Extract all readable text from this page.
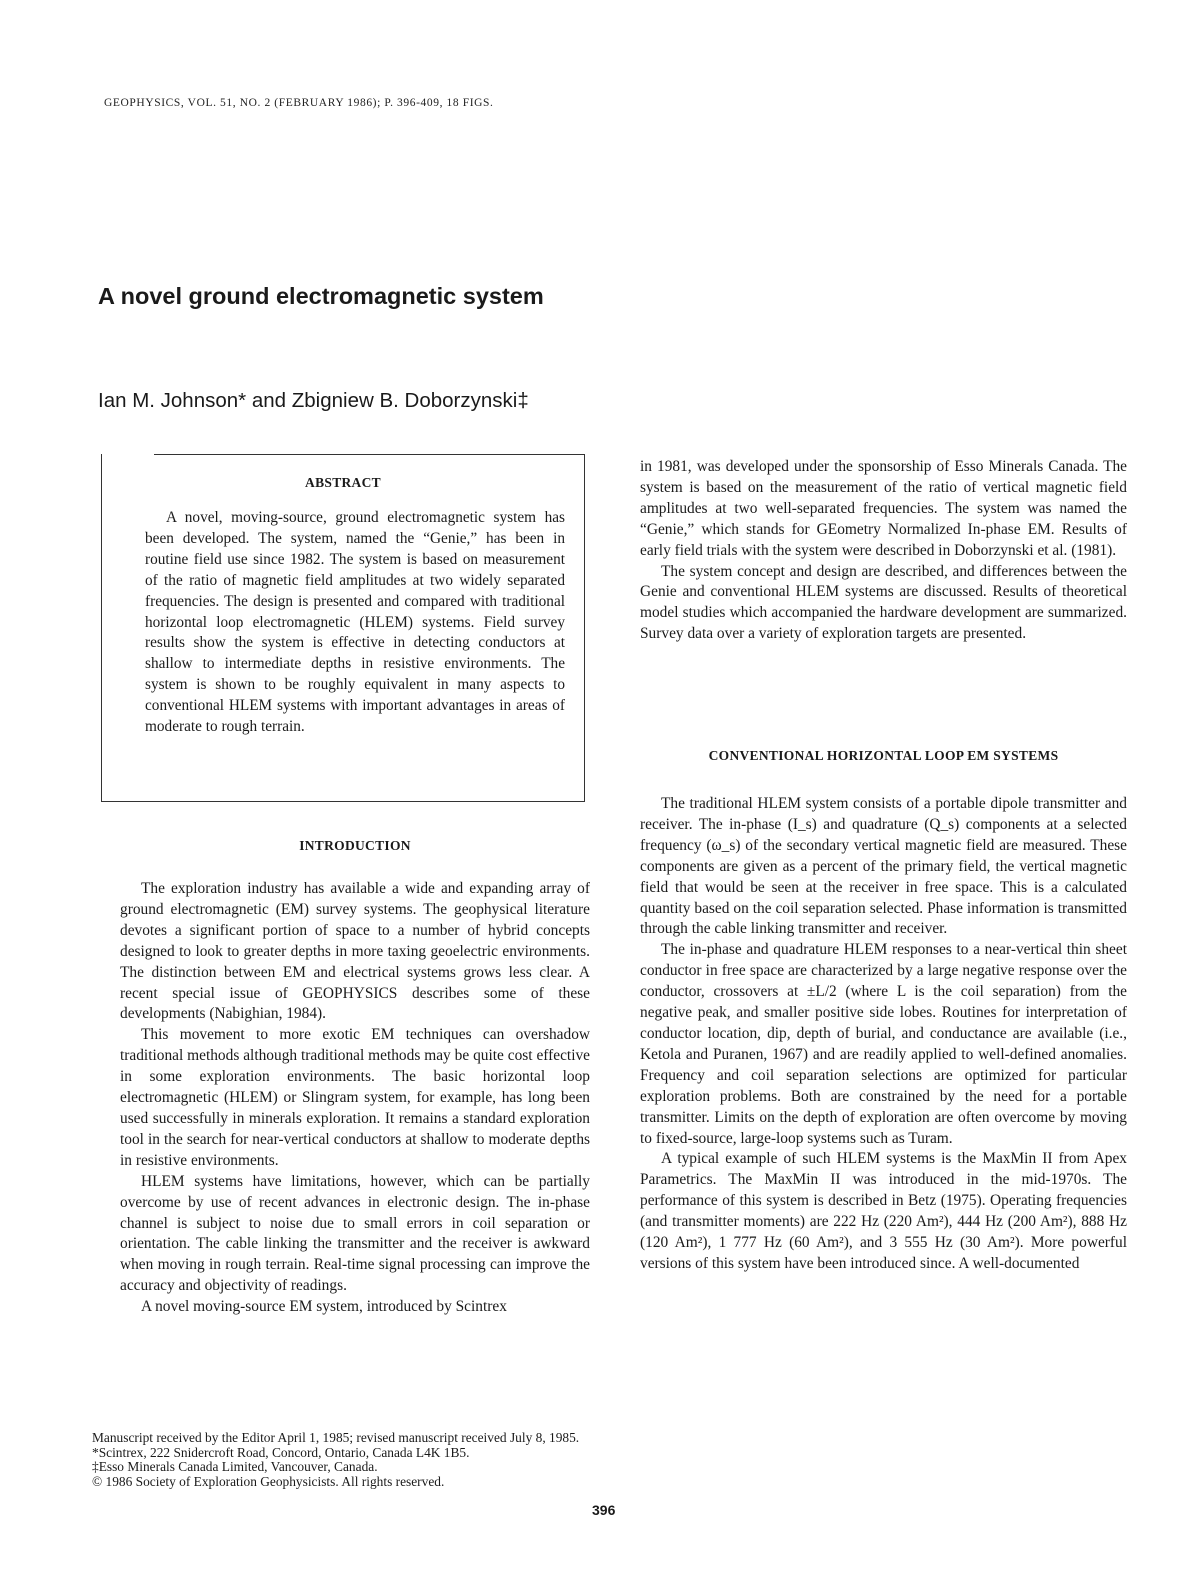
GEOPHYSICS, VOL. 51, NO. 2 (FEBRUARY 1986); P. 396-409, 18 FIGS.
A novel ground electromagnetic system
Ian M. Johnson* and Zbigniew B. Doborzynski‡
ABSTRACT

A novel, moving-source, ground electromagnetic system has been developed. The system, named the “Genie,” has been in routine field use since 1982. The system is based on measurement of the ratio of magnetic field amplitudes at two widely separated frequencies. The design is presented and compared with traditional horizontal loop electromagnetic (HLEM) systems. Field survey results show the system is effective in detecting conductors at shallow to intermediate depths in resistive environments. The system is shown to be roughly equivalent in many aspects to conventional HLEM systems with important advantages in areas of moderate to rough terrain.

INTRODUCTION

The exploration industry has available a wide and expanding array of ground electromagnetic (EM) survey systems. The geophysical literature devotes a significant portion of space to a number of hybrid concepts designed to look to greater depths in more taxing geoelectric environments. The distinction between EM and electrical systems grows less clear. A recent special issue of GEOPHYSICS describes some of these developments (Nabighian, 1984).

This movement to more exotic EM techniques can overshadow traditional methods although traditional methods may be quite cost effective in some exploration environments. The basic horizontal loop electromagnetic (HLEM) or Slingram system, for example, has long been used successfully in minerals exploration. It remains a standard exploration tool in the search for near-vertical conductors at shallow to moderate depths in resistive environments.

HLEM systems have limitations, however, which can be partially overcome by use of recent advances in electronic design. The in-phase channel is subject to noise due to small errors in coil separation or orientation. The cable linking the transmitter and the receiver is awkward when moving in rough terrain. Real-time signal processing can improve the accuracy and objectivity of readings.

A novel moving-source EM system, introduced by Scintrex

in 1981, was developed under the sponsorship of Esso Minerals Canada. The system is based on the measurement of the ratio of vertical magnetic field amplitudes at two well-separated frequencies. The system was named the “Genie,” which stands for GEometry Normalized In-phase EM. Results of early field trials with the system were described in Doborzynski et al. (1981).

The system concept and design are described, and differences between the Genie and conventional HLEM systems are discussed. Results of theoretical model studies which accompanied the hardware development are summarized. Survey data over a variety of exploration targets are presented.

CONVENTIONAL HORIZONTAL LOOP EM SYSTEMS

The traditional HLEM system consists of a portable dipole transmitter and receiver. The in-phase (I_s) and quadrature (Q_s) components at a selected frequency (ω_s) of the secondary vertical magnetic field are measured. These components are given as a percent of the primary field, the vertical magnetic field that would be seen at the receiver in free space. This is a calculated quantity based on the coil separation selected. Phase information is transmitted through the cable linking transmitter and receiver.

The in-phase and quadrature HLEM responses to a near-vertical thin sheet conductor in free space are characterized by a large negative response over the conductor, crossovers at ±L/2 (where L is the coil separation) from the negative peak, and smaller positive side lobes. Routines for interpretation of conductor location, dip, depth of burial, and conductance are available (i.e., Ketola and Puranen, 1967) and are readily applied to well-defined anomalies. Frequency and coil separation selections are optimized for particular exploration problems. Both are constrained by the need for a portable transmitter. Limits on the depth of exploration are often overcome by moving to fixed-source, large-loop systems such as Turam.

A typical example of such HLEM systems is the MaxMin II from Apex Parametrics. The MaxMin II was introduced in the mid-1970s. The performance of this system is described in Betz (1975). Operating frequencies (and transmitter moments) are 222 Hz (220 Am²), 444 Hz (200 Am²), 888 Hz (120 Am²), 1 777 Hz (60 Am²), and 3 555 Hz (30 Am²). More powerful versions of this system have been introduced since. A well-documented

Manuscript received by the Editor April 1, 1985; revised manuscript received July 8, 1985.
*Scintrex, 222 Snidercroft Road, Concord, Ontario, Canada L4K 1B5.
‡Esso Minerals Canada Limited, Vancouver, Canada.
© 1986 Society of Exploration Geophysicists. All rights reserved.
396
